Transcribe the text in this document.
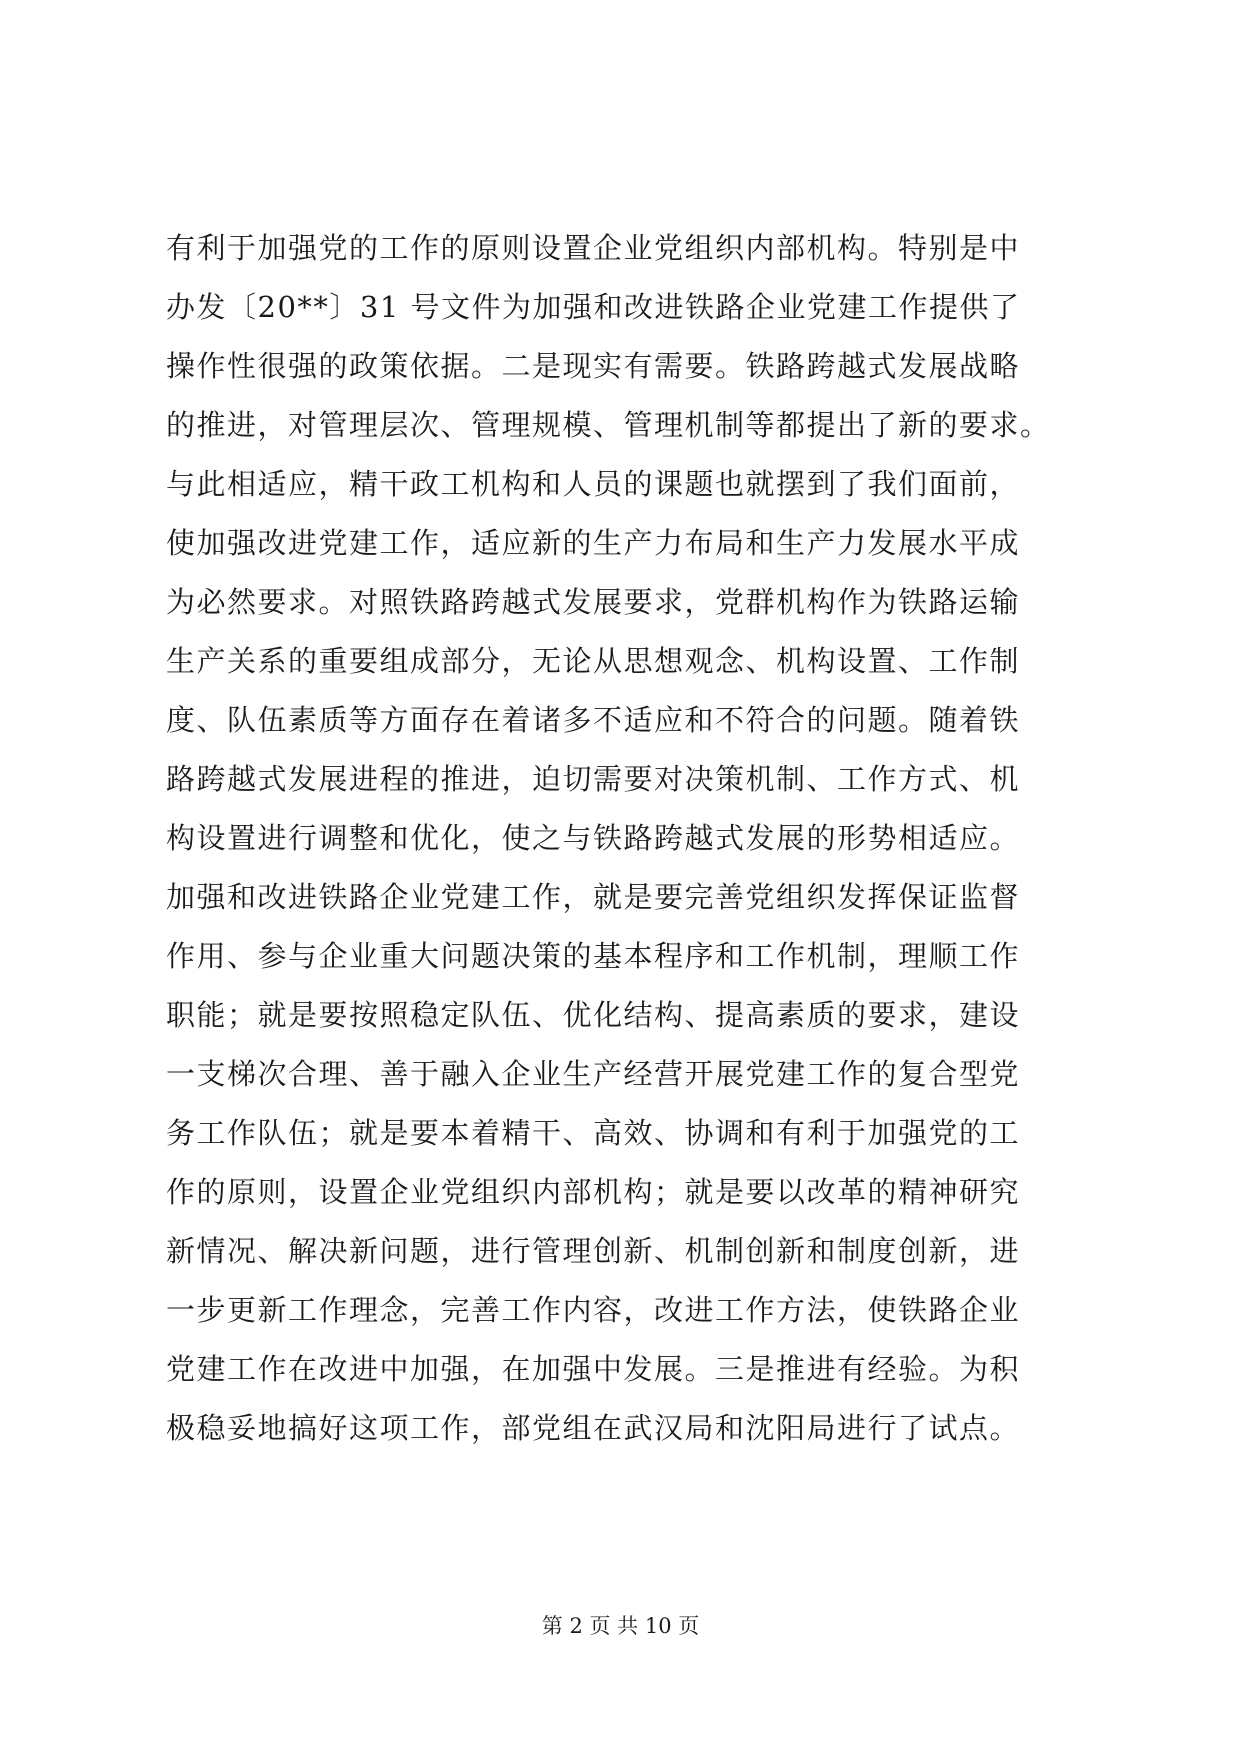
有利于加强党的工作的原则设置企业党组织内部机构。特别是中
办发〔20**〕31 号文件为加强和改进铁路企业党建工作提供了
操作性很强的政策依据。二是现实有需要。铁路跨越式发展战略
的推进，对管理层次、管理规模、管理机制等都提出了新的要求。
与此相适应，精干政工机构和人员的课题也就摆到了我们面前，
使加强改进党建工作，适应新的生产力布局和生产力发展水平成
为必然要求。对照铁路跨越式发展要求，党群机构作为铁路运输
生产关系的重要组成部分，无论从思想观念、机构设置、工作制
度、队伍素质等方面存在着诸多不适应和不符合的问题。随着铁
路跨越式发展进程的推进，迫切需要对决策机制、工作方式、机
构设置进行调整和优化，使之与铁路跨越式发展的形势相适应。
加强和改进铁路企业党建工作，就是要完善党组织发挥保证监督
作用、参与企业重大问题决策的基本程序和工作机制，理顺工作
职能；就是要按照稳定队伍、优化结构、提高素质的要求，建设
一支梯次合理、善于融入企业生产经营开展党建工作的复合型党
务工作队伍；就是要本着精干、高效、协调和有利于加强党的工
作的原则，设置企业党组织内部机构；就是要以改革的精神研究
新情况、解决新问题，进行管理创新、机制创新和制度创新，进
一步更新工作理念，完善工作内容，改进工作方法，使铁路企业
党建工作在改进中加强，在加强中发展。三是推进有经验。为积
极稳妥地搞好这项工作，部党组在武汉局和沈阳局进行了试点。
第 2 页 共 10 页
